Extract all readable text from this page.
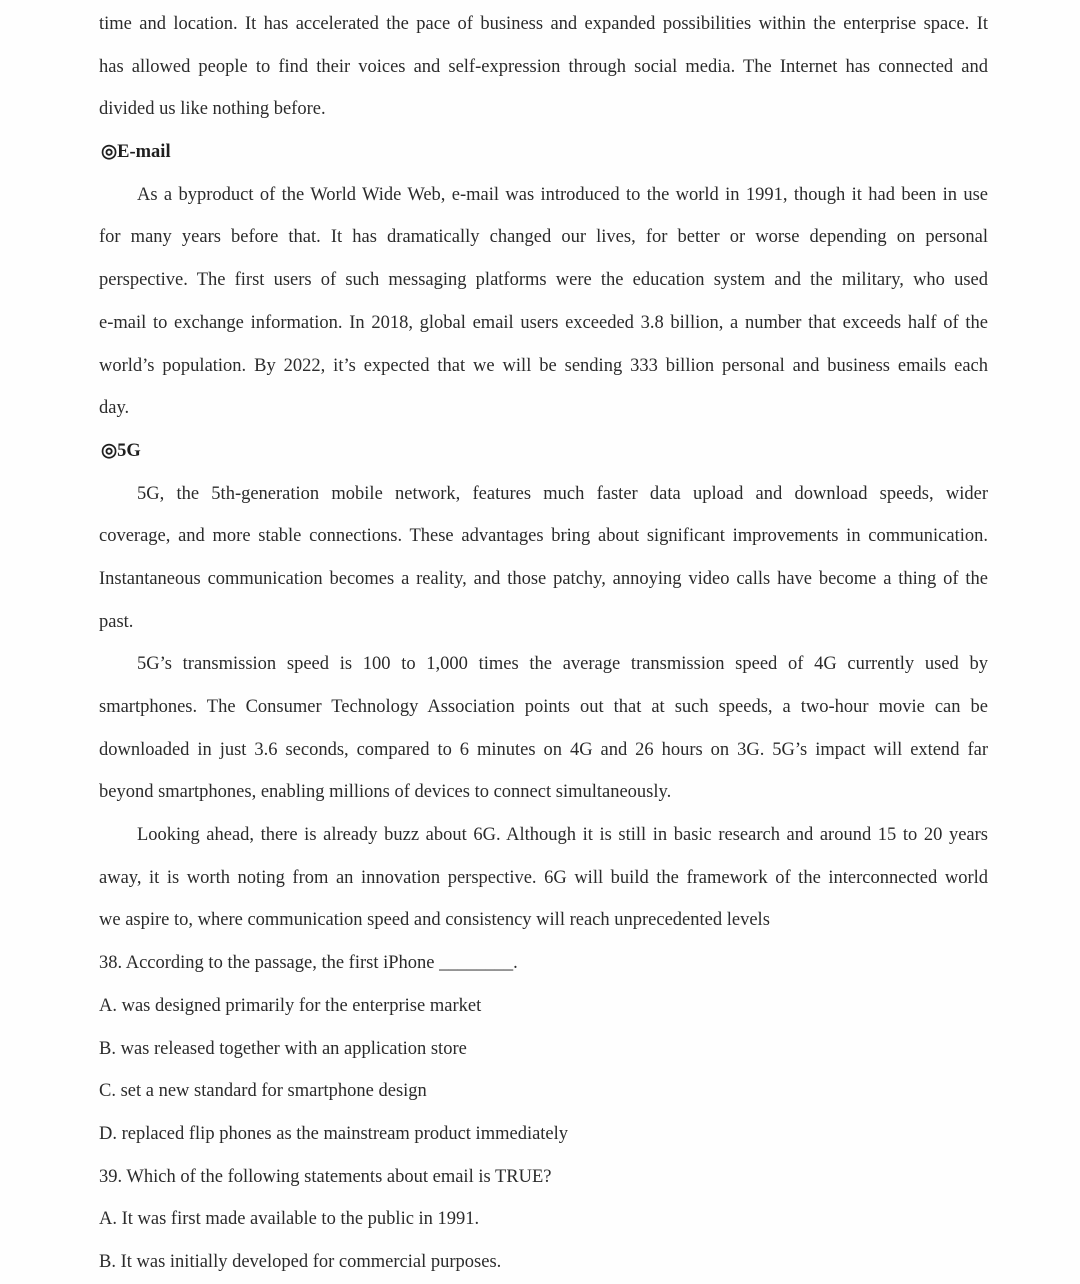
time and location. It has accelerated the pace of business and expanded possibilities within the enterprise space. It
has allowed people to find their voices and self-expression through social media. The Internet has connected and
divided us like nothing before.
◎E-mail
As a byproduct of the World Wide Web, e-mail was introduced to the world in 1991, though it had been in use
for many years before that. It has dramatically changed our lives, for better or worse depending on personal
perspective. The first users of such messaging platforms were the education system and the military, who used
e-mail to exchange information. In 2018, global email users exceeded 3.8 billion, a number that exceeds half of the
world’s population. By 2022, it’s expected that we will be sending 333 billion personal and business emails each
day.
◎5G
5G, the 5th-generation mobile network, features much faster data upload and download speeds, wider
coverage, and more stable connections. These advantages bring about significant improvements in communication.
Instantaneous communication becomes a reality, and those patchy, annoying video calls have become a thing of the
past.
5G’s transmission speed is 100 to 1,000 times the average transmission speed of 4G currently used by
smartphones. The Consumer Technology Association points out that at such speeds, a two-hour movie can be
downloaded in just 3.6 seconds, compared to 6 minutes on 4G and 26 hours on 3G. 5G’s impact will extend far
beyond smartphones, enabling millions of devices to connect simultaneously.
Looking ahead, there is already buzz about 6G. Although it is still in basic research and around 15 to 20 years
away, it is worth noting from an innovation perspective. 6G will build the framework of the interconnected world
we aspire to, where communication speed and consistency will reach unprecedented levels
38. According to the passage, the first iPhone ________.
A. was designed primarily for the enterprise market
B. was released together with an application store
C. set a new standard for smartphone design
D. replaced flip phones as the mainstream product immediately
39. Which of the following statements about email is TRUE?
A. It was first made available to the public in 1991.
B. It was initially developed for commercial purposes.
